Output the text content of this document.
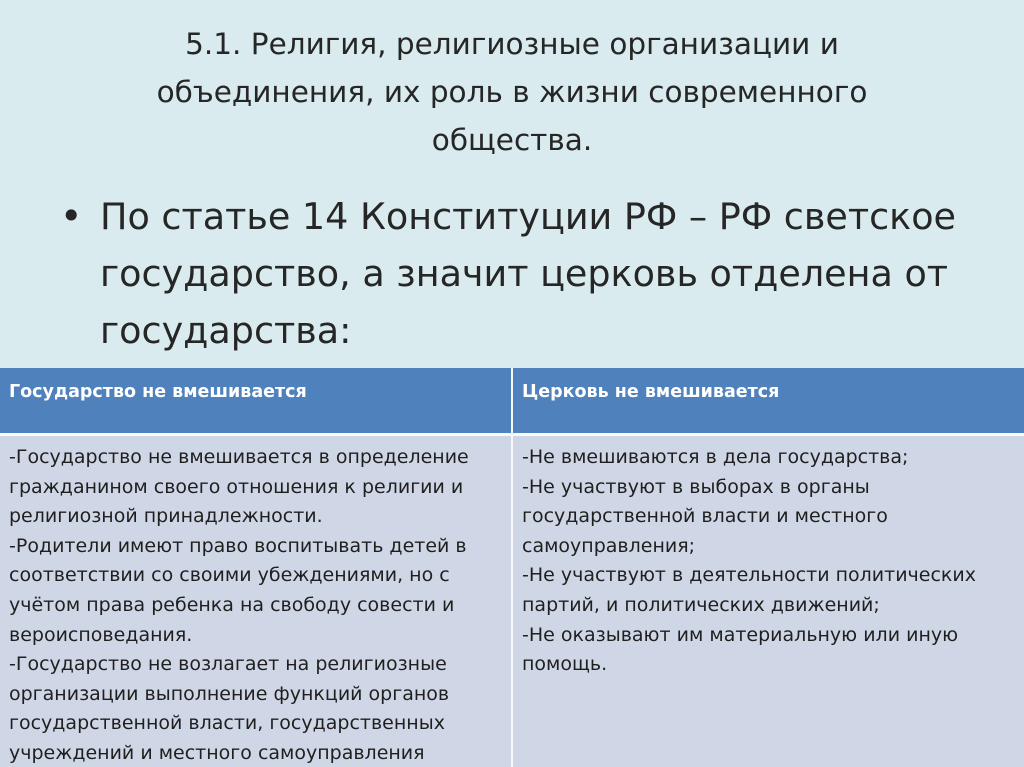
5.1. Религия, религиозные организации и
объединения, их роль в жизни современного
общества.
• По статье 14 Конституции РФ – РФ светское
государство, а значит церковь отделена от
государства:
Государство не вмешивается	Церковь не вмешивается
-Государство не вмешивается в определение
гражданином своего отношения к религии и
религиозной принадлежности.
-Родители имеют право воспитывать детей в
соответствии со своими убеждениями, но с
учётом права ребенка на свободу совести и
вероисповедания.
-Государство не возлагает на религиозные
организации выполнение функций органов
государственной власти, государственных
учреждений и местного самоуправления
-Не вмешиваются в дела государства;
-Не участвуют в выборах в органы
государственной власти и местного
самоуправления;
-Не участвуют в деятельности политических
партий, и политических движений;
-Не оказывают им материальную или иную
помощь.
